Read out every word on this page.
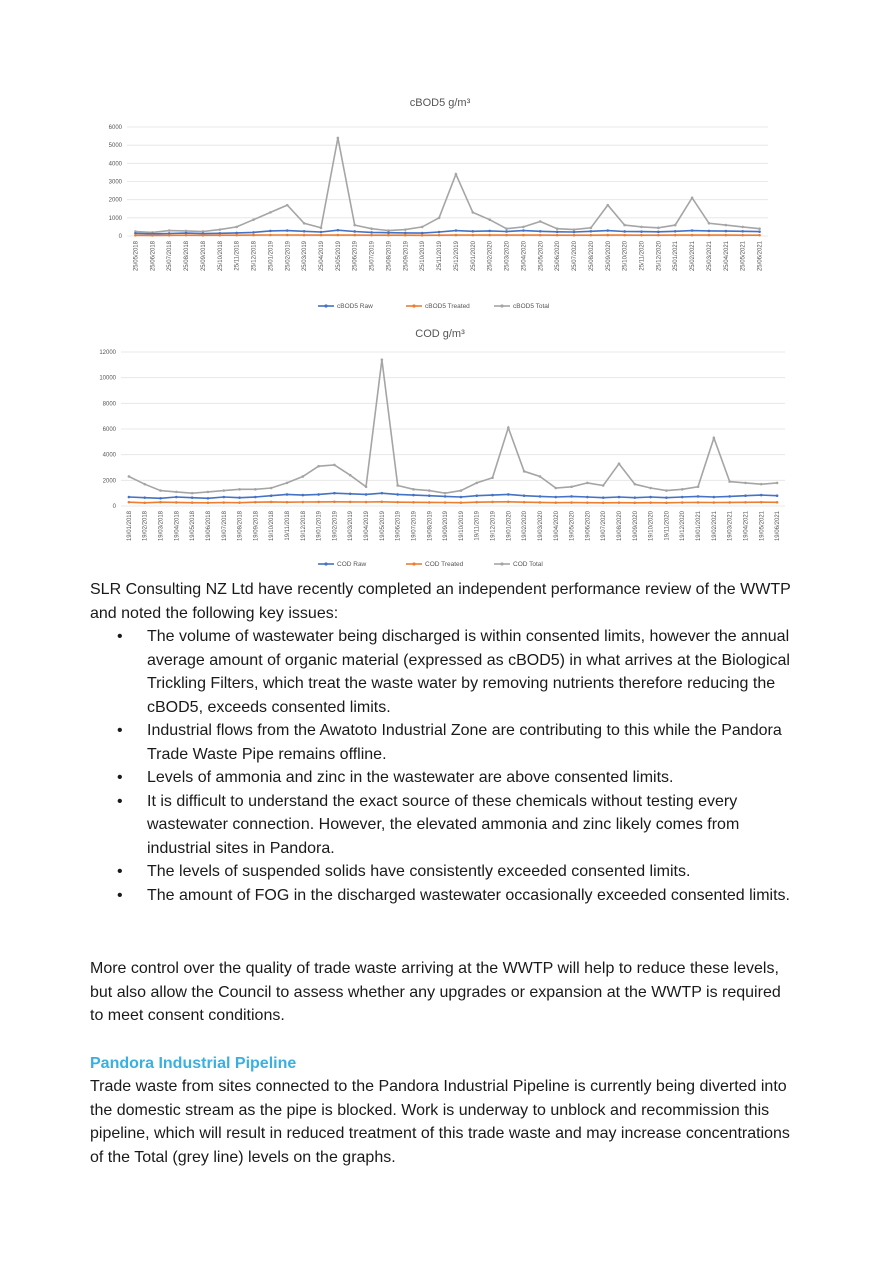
cBOD5 g/m³
0
1000
2000
3000
4000
5000
6000
25/05/2018 25/06/2018 25/07/2018 25/08/2018 25/09/2018 25/10/2018 25/11/2018 25/12/2018 25/01/2019 25/02/2019 25/03/2019 25/04/2019 25/05/2019 25/06/2019 25/07/2019 25/08/2019 25/09/2019 25/10/2019 25/11/2019 25/12/2019 25/01/2020 25/02/2020 25/03/2020 25/04/2020 25/05/2020 25/06/2020 25/07/2020 25/08/2020 25/09/2020 25/10/2020 25/11/2020 25/12/2020 25/01/2021 25/02/2021 25/03/2021 25/04/2021 25/05/2021 25/06/2021
cBOD5 Raw	cBOD5 Treated	cBOD5 Total
COD g/m³
0
2000
4000
6000
8000
10000
12000
19/01/2018 19/02/2018 19/03/2018 19/04/2018 19/05/2018 19/06/2018 19/07/2018 19/08/2018 19/09/2018 19/10/2018 19/11/2018 19/12/2018 19/01/2019 19/02/2019 19/03/2019 19/04/2019 19/05/2019 19/06/2019 19/07/2019 19/08/2019 19/09/2019 19/10/2019 19/11/2019 19/12/2019 19/01/2020 19/02/2020 19/03/2020 19/04/2020 19/05/2020 19/06/2020 19/07/2020 19/08/2020 19/09/2020 19/10/2020 19/11/2020 19/12/2020 19/01/2021 19/02/2021 19/03/2021 19/04/2021 19/05/2021 19/06/2021
COD Raw	COD Treated	COD Total

SLR Consulting NZ Ltd have recently completed an independent performance review of the WWTP and noted the following key issues:

• The volume of wastewater being discharged is within consented limits, however the annual average amount of organic material (expressed as cBOD5) in what arrives at the Biological Trickling Filters, which treat the waste water by removing nutrients therefore reducing the cBOD5, exceeds consented limits.
• Industrial flows from the Awatoto Industrial Zone are contributing to this while the Pandora Trade Waste Pipe remains offline.
• Levels of ammonia and zinc in the wastewater are above consented limits.
• It is difficult to understand the exact source of these chemicals without testing every wastewater connection. However, the elevated ammonia and zinc likely comes from industrial sites in Pandora.
• The levels of suspended solids have consistently exceeded consented limits.
• The amount of FOG in the discharged wastewater occasionally exceeded consented limits.

More control over the quality of trade waste arriving at the WWTP will help to reduce these levels, but also allow the Council to assess whether any upgrades or expansion at the WWTP is required to meet consent conditions.

Pandora Industrial Pipeline

Trade waste from sites connected to the Pandora Industrial Pipeline is currently being diverted into the domestic stream as the pipe is blocked. Work is underway to unblock and recommission this pipeline, which will result in reduced treatment of this trade waste and may increase concentrations of the Total (grey line) levels on the graphs.
